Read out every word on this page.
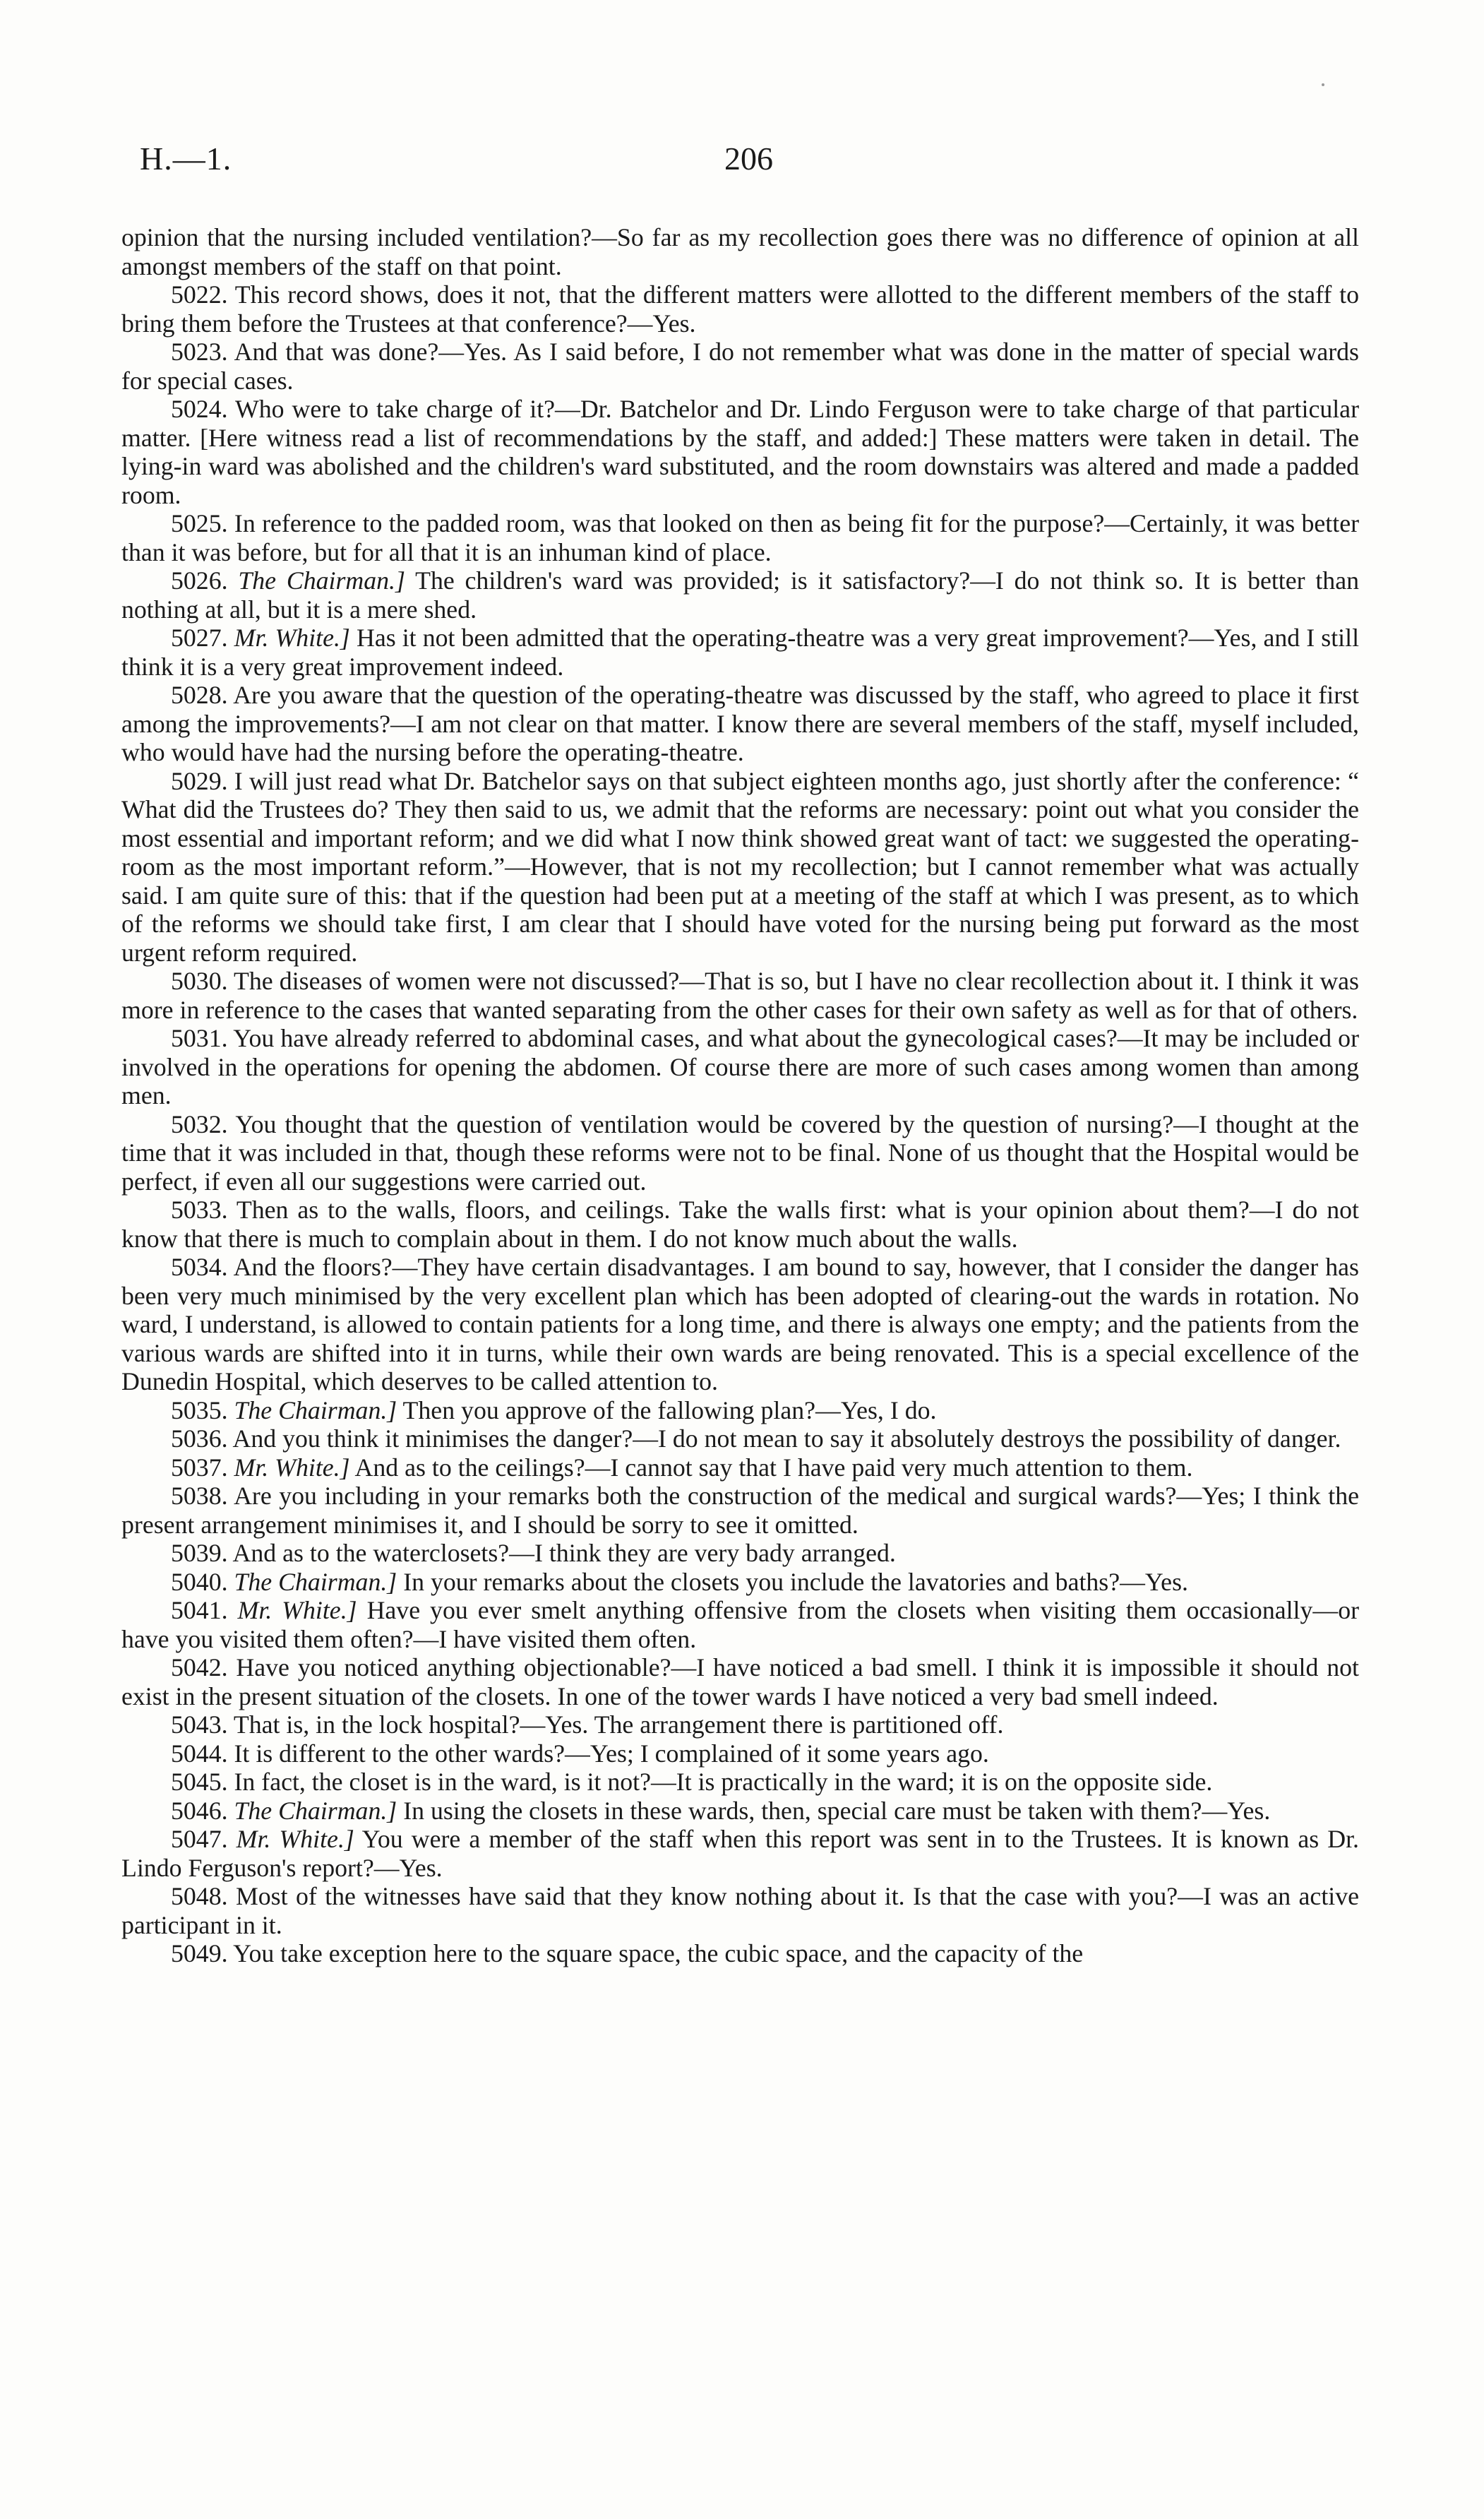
H.—1.	206

opinion that the nursing included ventilation?—So far as my recollection goes there was no difference of opinion at all amongst members of the staff on that point.

5022. This record shows, does it not, that the different matters were allotted to the different members of the staff to bring them before the Trustees at that conference?—Yes.

5023. And that was done?—Yes. As I said before, I do not remember what was done in the matter of special wards for special cases.

5024. Who were to take charge of it?—Dr. Batchelor and Dr. Lindo Ferguson were to take charge of that particular matter. [Here witness read a list of recommendations by the staff, and added:] These matters were taken in detail. The lying-in ward was abolished and the children's ward substituted, and the room downstairs was altered and made a padded room.

5025. In reference to the padded room, was that looked on then as being fit for the purpose?—Certainly, it was better than it was before, but for all that it is an inhuman kind of place.

5026. The Chairman.] The children's ward was provided; is it satisfactory?—I do not think so. It is better than nothing at all, but it is a mere shed.

5027. Mr. White.] Has it not been admitted that the operating-theatre was a very great improvement?—Yes, and I still think it is a very great improvement indeed.

5028. Are you aware that the question of the operating-theatre was discussed by the staff, who agreed to place it first among the improvements?—I am not clear on that matter. I know there are several members of the staff, myself included, who would have had the nursing before the operating-theatre.

5029. I will just read what Dr. Batchelor says on that subject eighteen months ago, just shortly after the conference: “ What did the Trustees do? They then said to us, we admit that the reforms are necessary: point out what you consider the most essential and important reform; and we did what I now think showed great want of tact: we suggested the operating-room as the most important reform.”—However, that is not my recollection; but I cannot remember what was actually said. I am quite sure of this: that if the question had been put at a meeting of the staff at which I was present, as to which of the reforms we should take first, I am clear that I should have voted for the nursing being put forward as the most urgent reform required.

5030. The diseases of women were not discussed?—That is so, but I have no clear recollection about it. I think it was more in reference to the cases that wanted separating from the other cases for their own safety as well as for that of others.

5031. You have already referred to abdominal cases, and what about the gynecological cases?—It may be included or involved in the operations for opening the abdomen. Of course there are more of such cases among women than among men.

5032. You thought that the question of ventilation would be covered by the question of nursing?—I thought at the time that it was included in that, though these reforms were not to be final. None of us thought that the Hospital would be perfect, if even all our suggestions were carried out.

5033. Then as to the walls, floors, and ceilings. Take the walls first: what is your opinion about them?—I do not know that there is much to complain about in them. I do not know much about the walls.

5034. And the floors?—They have certain disadvantages. I am bound to say, however, that I consider the danger has been very much minimised by the very excellent plan which has been adopted of clearing-out the wards in rotation. No ward, I understand, is allowed to contain patients for a long time, and there is always one empty; and the patients from the various wards are shifted into it in turns, while their own wards are being renovated. This is a special excellence of the Dunedin Hospital, which deserves to be called attention to.

5035. The Chairman.] Then you approve of the fallowing plan?—Yes, I do.

5036. And you think it minimises the danger?—I do not mean to say it absolutely destroys the possibility of danger.

5037. Mr. White.] And as to the ceilings?—I cannot say that I have paid very much attention to them.

5038. Are you including in your remarks both the construction of the medical and surgical wards?—Yes; I think the present arrangement minimises it, and I should be sorry to see it omitted.

5039. And as to the waterclosets?—I think they are very bady arranged.

5040. The Chairman.] In your remarks about the closets you include the lavatories and baths?—Yes.

5041. Mr. White.] Have you ever smelt anything offensive from the closets when visiting them occasionally—or have you visited them often?—I have visited them often.

5042. Have you noticed anything objectionable?—I have noticed a bad smell. I think it is impossible it should not exist in the present situation of the closets. In one of the tower wards I have noticed a very bad smell indeed.

5043. That is, in the lock hospital?—Yes. The arrangement there is partitioned off.

5044. It is different to the other wards?—Yes; I complained of it some years ago.

5045. In fact, the closet is in the ward, is it not?—It is practically in the ward; it is on the opposite side.

5046. The Chairman.] In using the closets in these wards, then, special care must be taken with them?—Yes.

5047. Mr. White.] You were a member of the staff when this report was sent in to the Trustees. It is known as Dr. Lindo Ferguson's report?—Yes.

5048. Most of the witnesses have said that they know nothing about it. Is that the case with you?—I was an active participant in it.

5049. You take exception here to the square space, the cubic space, and the capacity of the
